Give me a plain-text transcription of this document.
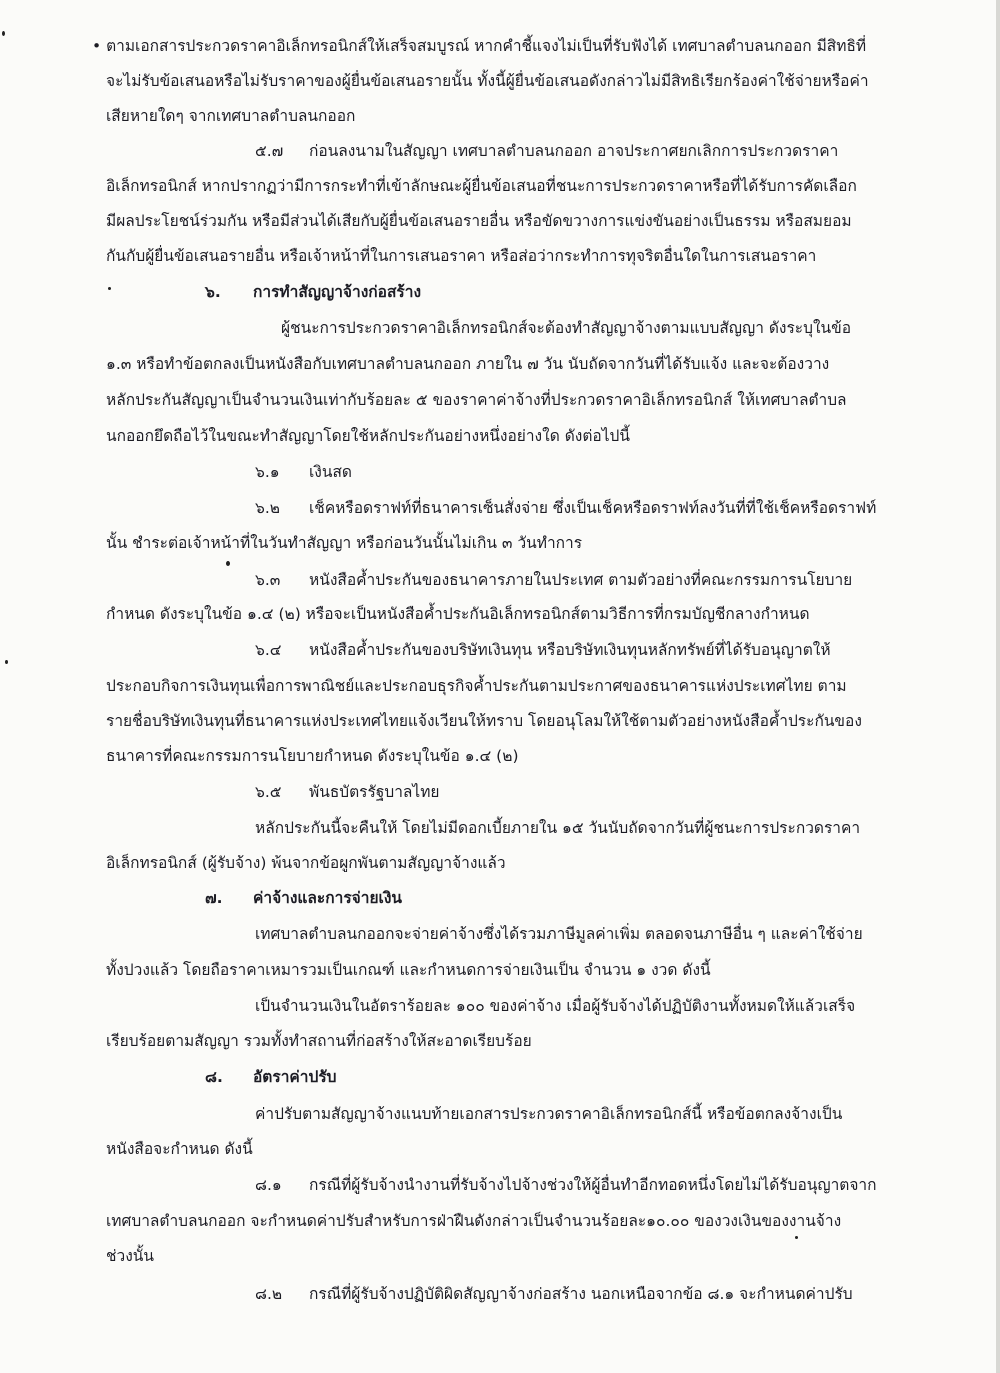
• ตามเอกสารประกวดราคาอิเล็กทรอนิกส์ให้เสร็จสมบูรณ์ หากคำชี้แจงไม่เป็นที่รับฟังได้ เทศบาลตำบลนกออก มีสิทธิที่
จะไม่รับข้อเสนอหรือไม่รับราคาของผู้ยื่นข้อเสนอรายนั้น ทั้งนี้ผู้ยื่นข้อเสนอดังกล่าวไม่มีสิทธิเรียกร้องค่าใช้จ่ายหรือค่า
เสียหายใดๆ จากเทศบาลตำบลนกออก
๕.๗ ก่อนลงนามในสัญญา เทศบาลตำบลนกออก อาจประกาศยกเลิกการประกวดราคา
อิเล็กทรอนิกส์ หากปรากฏว่ามีการกระทำที่เข้าลักษณะผู้ยื่นข้อเสนอที่ชนะการประกวดราคาหรือที่ได้รับการคัดเลือก
มีผลประโยชน์ร่วมกัน หรือมีส่วนได้เสียกับผู้ยื่นข้อเสนอรายอื่น หรือขัดขวางการแข่งขันอย่างเป็นธรรม หรือสมยอม
กันกับผู้ยื่นข้อเสนอรายอื่น หรือเจ้าหน้าที่ในการเสนอราคา หรือส่อว่ากระทำการทุจริตอื่นใดในการเสนอราคา
๖. การทำสัญญาจ้างก่อสร้าง
ผู้ชนะการประกวดราคาอิเล็กทรอนิกส์จะต้องทำสัญญาจ้างตามแบบสัญญา ดังระบุในข้อ
๑.๓ หรือทำข้อตกลงเป็นหนังสือกับเทศบาลตำบลนกออก ภายใน ๗ วัน นับถัดจากวันที่ได้รับแจ้ง และจะต้องวาง
หลักประกันสัญญาเป็นจำนวนเงินเท่ากับร้อยละ ๕ ของราคาค่าจ้างที่ประกวดราคาอิเล็กทรอนิกส์ ให้เทศบาลตำบล
นกออกยึดถือไว้ในขณะทำสัญญาโดยใช้หลักประกันอย่างหนึ่งอย่างใด ดังต่อไปนี้
๖.๑ เงินสด
๖.๒ เช็คหรือดราฟท์ที่ธนาคารเซ็นสั่งจ่าย ซึ่งเป็นเช็คหรือดราฟท์ลงวันที่ที่ใช้เช็คหรือดราฟท์
นั้น ชำระต่อเจ้าหน้าที่ในวันทำสัญญา หรือก่อนวันนั้นไม่เกิน ๓ วันทำการ
๖.๓ หนังสือค้ำประกันของธนาคารภายในประเทศ ตามตัวอย่างที่คณะกรรมการนโยบาย
กำหนด ดังระบุในข้อ ๑.๔ (๒) หรือจะเป็นหนังสือค้ำประกันอิเล็กทรอนิกส์ตามวิธีการที่กรมบัญชีกลางกำหนด
๖.๔ หนังสือค้ำประกันของบริษัทเงินทุน หรือบริษัทเงินทุนหลักทรัพย์ที่ได้รับอนุญาตให้
ประกอบกิจการเงินทุนเพื่อการพาณิชย์และประกอบธุรกิจค้ำประกันตามประกาศของธนาคารแห่งประเทศไทย ตาม
รายชื่อบริษัทเงินทุนที่ธนาคารแห่งประเทศไทยแจ้งเวียนให้ทราบ โดยอนุโลมให้ใช้ตามตัวอย่างหนังสือค้ำประกันของ
ธนาคารที่คณะกรรมการนโยบายกำหนด ดังระบุในข้อ ๑.๔ (๒)
๖.๕ พันธบัตรรัฐบาลไทย
หลักประกันนี้จะคืนให้ โดยไม่มีดอกเบี้ยภายใน ๑๕ วันนับถัดจากวันที่ผู้ชนะการประกวดราคา
อิเล็กทรอนิกส์ (ผู้รับจ้าง) พ้นจากข้อผูกพันตามสัญญาจ้างแล้ว
๗. ค่าจ้างและการจ่ายเงิน
เทศบาลตำบลนกออกจะจ่ายค่าจ้างซึ่งได้รวมภาษีมูลค่าเพิ่ม ตลอดจนภาษีอื่น ๆ และค่าใช้จ่าย
ทั้งปวงแล้ว โดยถือราคาเหมารวมเป็นเกณฑ์ และกำหนดการจ่ายเงินเป็น จำนวน ๑ งวด ดังนี้
เป็นจำนวนเงินในอัตราร้อยละ ๑๐๐ ของค่าจ้าง เมื่อผู้รับจ้างได้ปฏิบัติงานทั้งหมดให้แล้วเสร็จ
เรียบร้อยตามสัญญา รวมทั้งทำสถานที่ก่อสร้างให้สะอาดเรียบร้อย
๘. อัตราค่าปรับ
ค่าปรับตามสัญญาจ้างแนบท้ายเอกสารประกวดราคาอิเล็กทรอนิกส์นี้ หรือข้อตกลงจ้างเป็น
หนังสือจะกำหนด ดังนี้
๘.๑ กรณีที่ผู้รับจ้างนำงานที่รับจ้างไปจ้างช่วงให้ผู้อื่นทำอีกทอดหนึ่งโดยไม่ได้รับอนุญาตจาก
เทศบาลตำบลนกออก จะกำหนดค่าปรับสำหรับการฝ่าฝืนดังกล่าวเป็นจำนวนร้อยละ๑๐.๐๐ ของวงเงินของงานจ้าง
ช่วงนั้น
๘.๒ กรณีที่ผู้รับจ้างปฏิบัติผิดสัญญาจ้างก่อสร้าง นอกเหนือจากข้อ ๘.๑ จะกำหนดค่าปรับ
